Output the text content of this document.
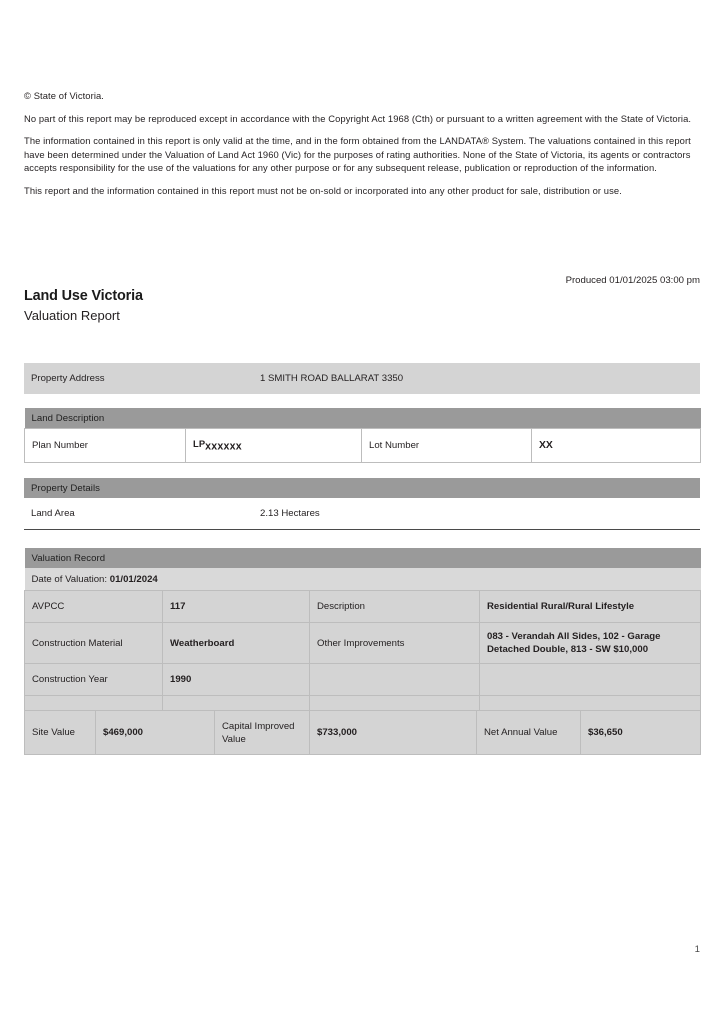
© State of Victoria.

No part of this report may be reproduced except in accordance with the Copyright Act 1968 (Cth) or pursuant to a written agreement with the State of Victoria.

The information contained in this report is only valid at the time, and in the form obtained from the LANDATA® System. The valuations contained in this report have been determined under the Valuation of Land Act 1960 (Vic) for the purposes of rating authorities. None of the State of Victoria, its agents or contractors accepts responsibility for the use of the valuations for any other purpose or for any subsequent release, publication or reproduction of the information.

This report and the information contained in this report must not be on-sold or incorporated into any other product for sale, distribution or use.

Produced 01/01/2025 03:00 pm
Land Use Victoria
Valuation Report
Property Address	1 SMITH ROAD BALLARAT 3350
Land Description
Plan Number	LPxxxxxx	Lot Number	XX
Property Details
Land Area	2.13 Hectares
Valuation Record			
Date of Valuation: 01/01/2024			
AVPCC	117	Description	Residential Rural/Rural Lifestyle
Construction Material	Weatherboard	Other Improvements	083 - Verandah All Sides, 102 - Garage Detached Double, 813 - SW $10,000
Construction Year	1990		

Site Value	$469,000	Capital Improved Value	$733,000	Net Annual Value	$36,650
1
